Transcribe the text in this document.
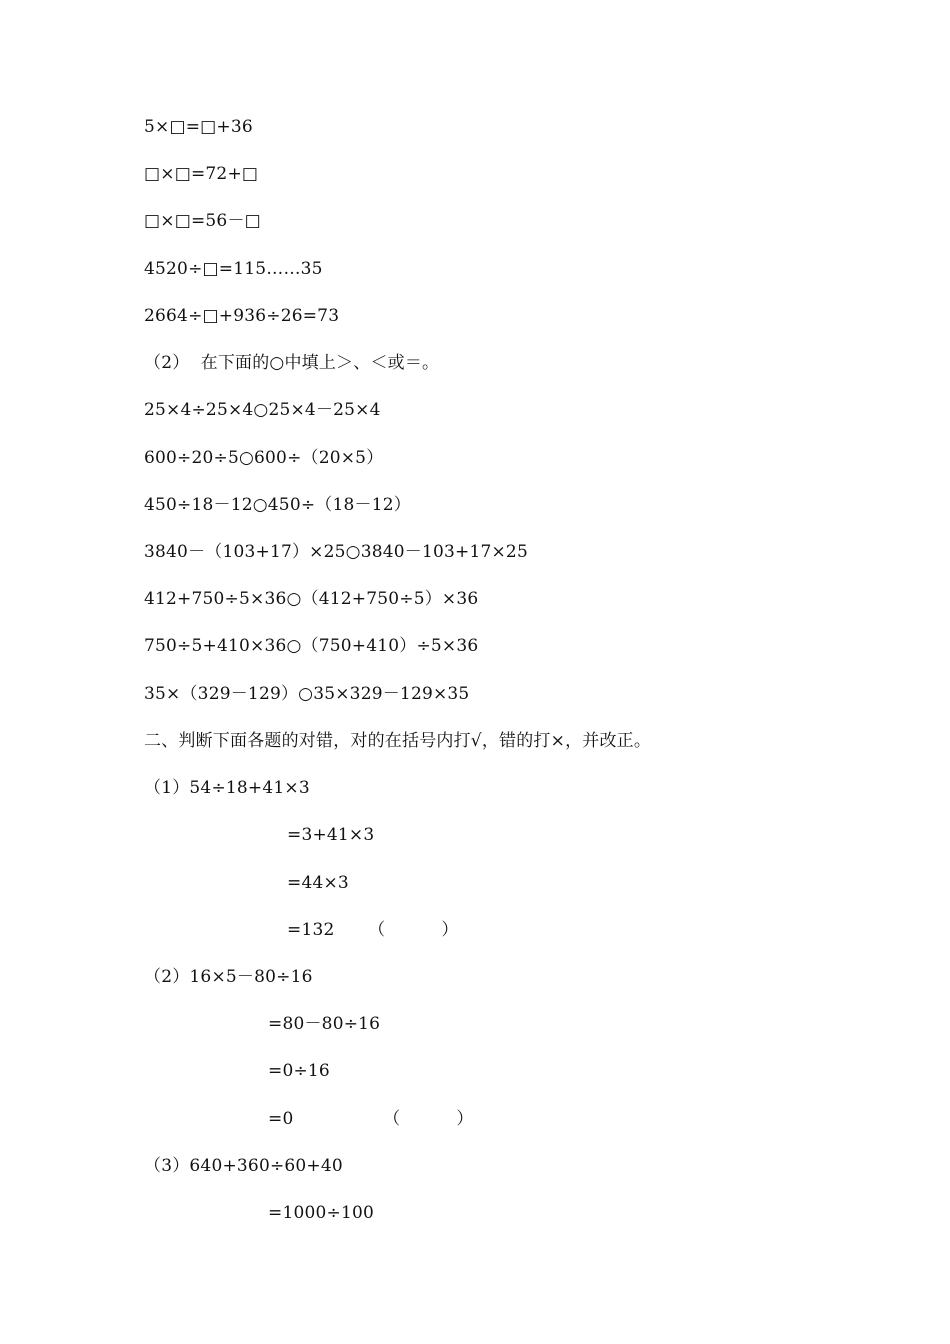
5×□=□+36
□×□=72+□
□×□=56－□
4520÷□=115……35
2664÷□+936÷26=73
（2）  在下面的○中填上＞、＜或＝。
25×4÷25×4○25×4－25×4
600÷20÷5○600÷（20×5）
450÷18－12○450÷（18－12）
3840－（103+17）×25○3840－103+17×25
412+750÷5×36○（412+750÷5）×36
750÷5+410×36○（750+410）÷5×36
35×（329－129）○35×329－129×35
二、判断下面各题的对错，对的在括号内打√，错的打×，并改正。
（1）54÷18+41×3
=3+41×3
=44×3
=132      （          ）
（2）16×5－80÷16
=80－80÷16
=0÷16
=0                （          ）
（3）640+360÷60+40
=1000÷100
